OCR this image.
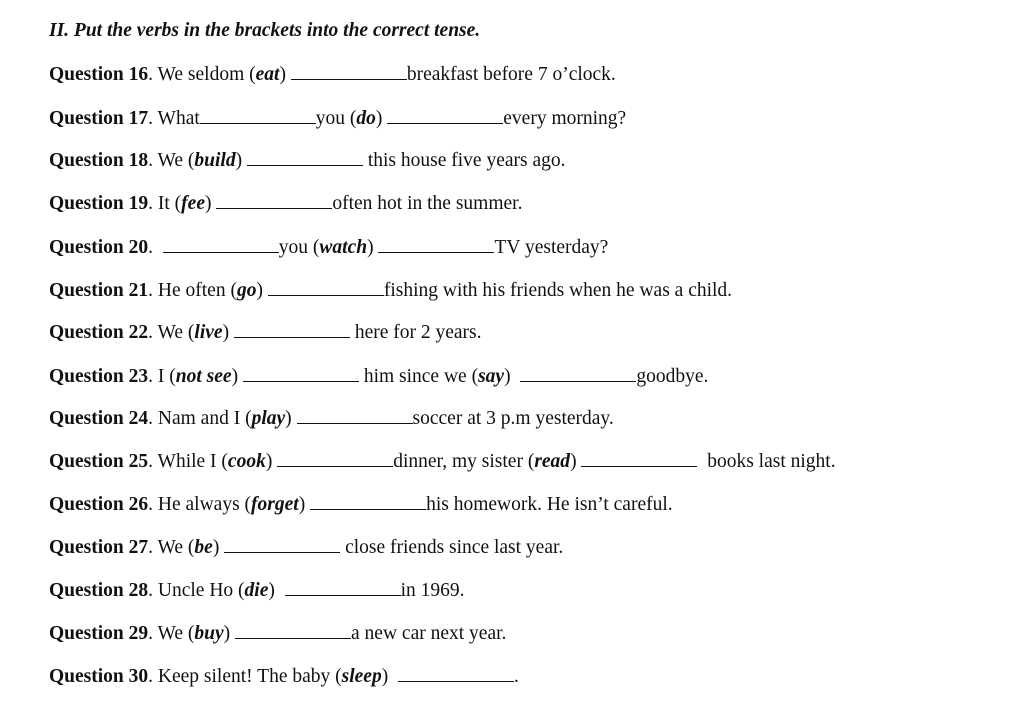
II. Put the verbs in the brackets into the correct tense.
Question 16. We seldom (eat)	breakfast before 7 o’clock.
Question 17. What	you (do)	every morning?
Question 18. We (build)	this house five years ago.
Question 19. It (fee)	often hot in the summer.
Question 20.	you (watch)	TV yesterday?
Question 21. He often (go)	fishing with his friends when he was a child.
Question 22. We (live)	here for 2 years.
Question 23. I (not see)	him since we (say)	goodbye.
Question 24. Nam and I (play)	soccer at 3 p.m yesterday.
Question 25. While I (cook)	dinner, my sister (read)	books last night.
Question 26. He always (forget)	his homework. He isn’t careful.
Question 27. We (be)	close friends since last year.
Question 28. Uncle Ho (die)	in 1969.
Question 29. We (buy)	a new car next year.
Question 30. Keep silent! The baby (sleep)	.
